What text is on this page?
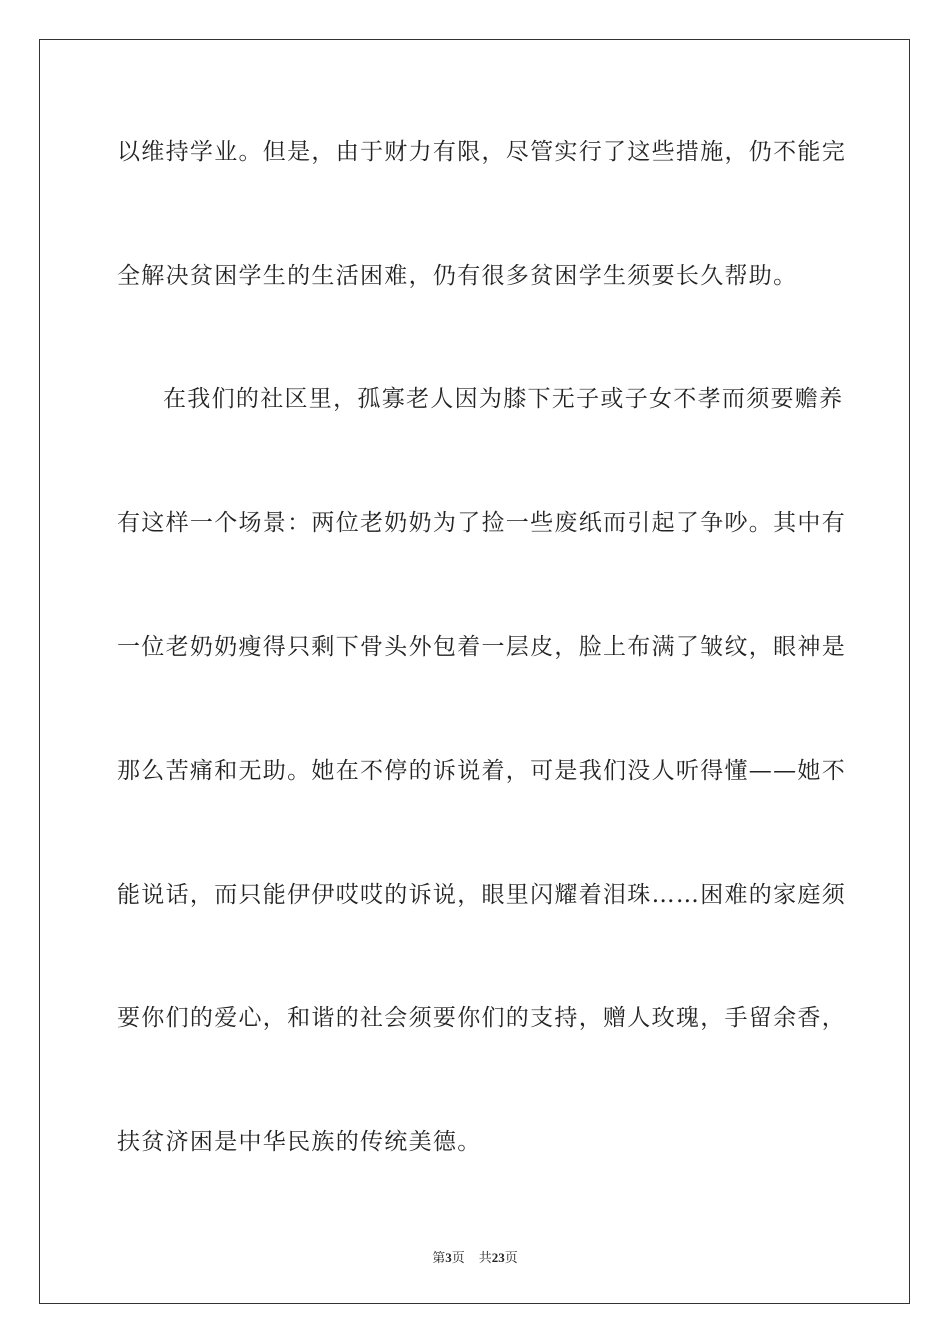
以维持学业。但是，由于财力有限，尽管实行了这些措施，仍不能完
全解决贫困学生的生活困难，仍有很多贫困学生须要长久帮助。
在我们的社区里，孤寡老人因为膝下无子或子女不孝而须要赡养
有这样一个场景：两位老奶奶为了捡一些废纸而引起了争吵。其中有
一位老奶奶瘦得只剩下骨头外包着一层皮，脸上布满了皱纹，眼神是
那么苦痛和无助。她在不停的诉说着，可是我们没人听得懂——她不
能说话，而只能伊伊哎哎的诉说，眼里闪耀着泪珠……困难的家庭须
要你们的爱心，和谐的社会须要你们的支持，赠人玫瑰，手留余香，
扶贫济困是中华民族的传统美德。
第3页 共23页
